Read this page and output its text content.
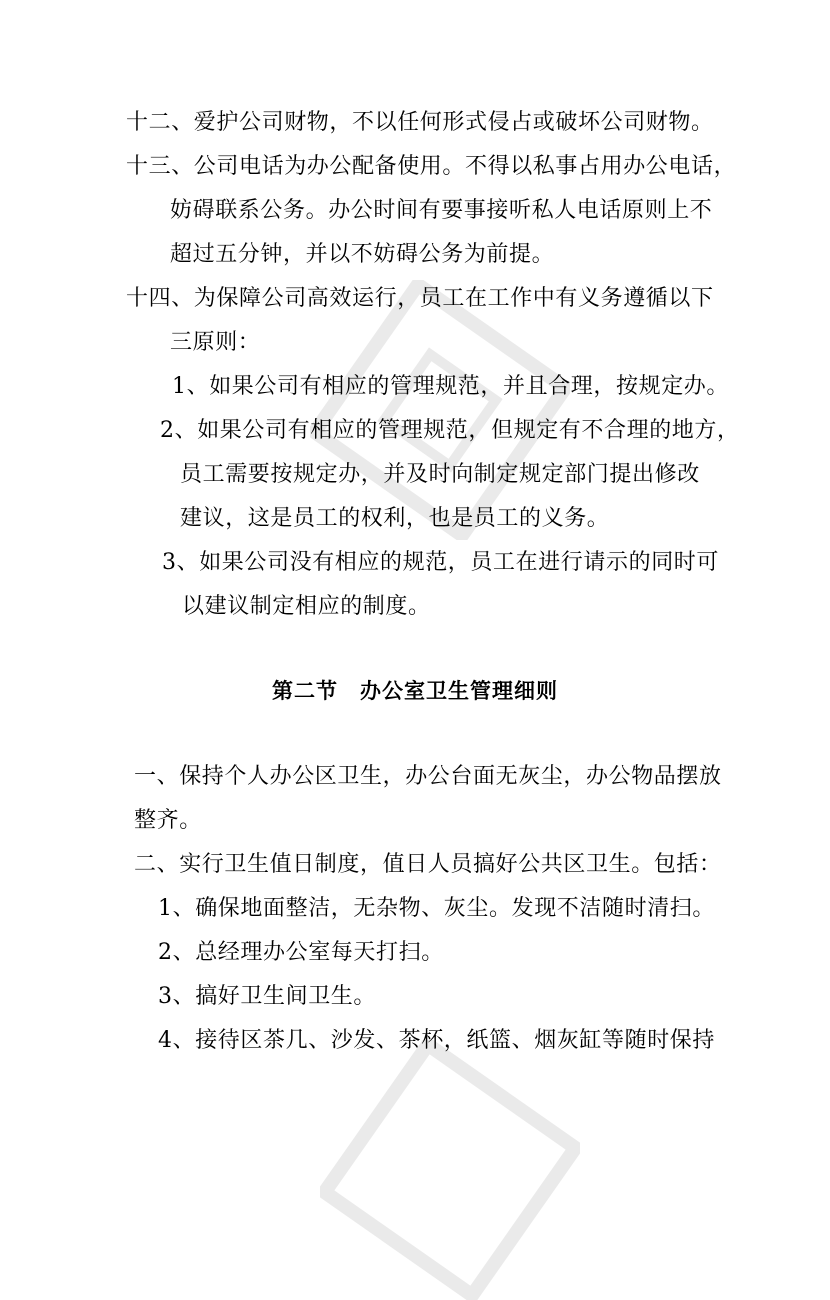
十二、爱护公司财物，不以任何形式侵占或破坏公司财物。
十三、公司电话为办公配备使用。不得以私事占用办公电话，
妨碍联系公务。办公时间有要事接听私人电话原则上不
超过五分钟，并以不妨碍公务为前提。
十四、为保障公司高效运行，员工在工作中有义务遵循以下
三原则：
1、如果公司有相应的管理规范，并且合理，按规定办。
2、如果公司有相应的管理规范，但规定有不合理的地方，
员工需要按规定办，并及时向制定规定部门提出修改
建议，这是员工的权利，也是员工的义务。
3、如果公司没有相应的规范，员工在进行请示的同时可
以建议制定相应的制度。
第二节　办公室卫生管理细则
一、保持个人办公区卫生，办公台面无灰尘，办公物品摆放
整齐。
二、实行卫生值日制度，值日人员搞好公共区卫生。包括：
1、确保地面整洁，无杂物、灰尘。发现不洁随时清扫。
2、总经理办公室每天打扫。
3、搞好卫生间卫生。
4、接待区茶几、沙发、茶杯，纸篮、烟灰缸等随时保持
